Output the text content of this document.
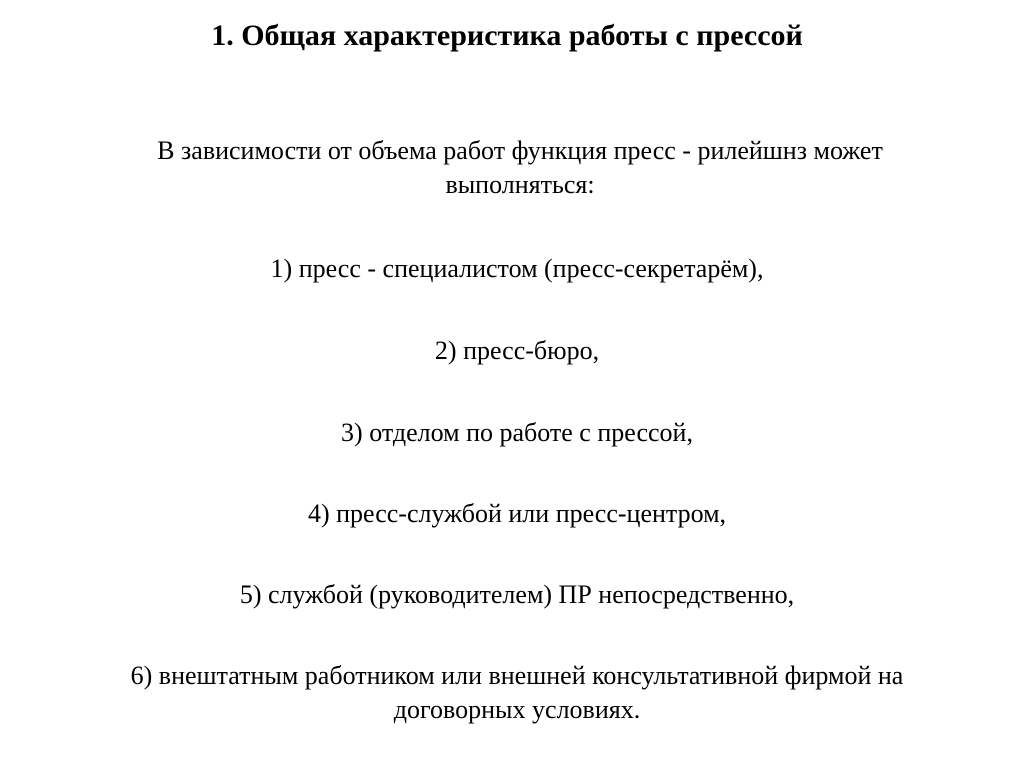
1. Общая характеристика работы с прессой

В зависимости от объема работ функция пресс - рилейшнз может выполняться:

1) пресс - специалистом (пресс-секретарём),

2) пресс-бюро,

3) отделом по работе с прессой,

4) пресс-службой или пресс-центром,

5) службой (руководителем) ПР непосредственно,

6) внештатным работником или внешней консультативной фирмой на договорных условиях.
